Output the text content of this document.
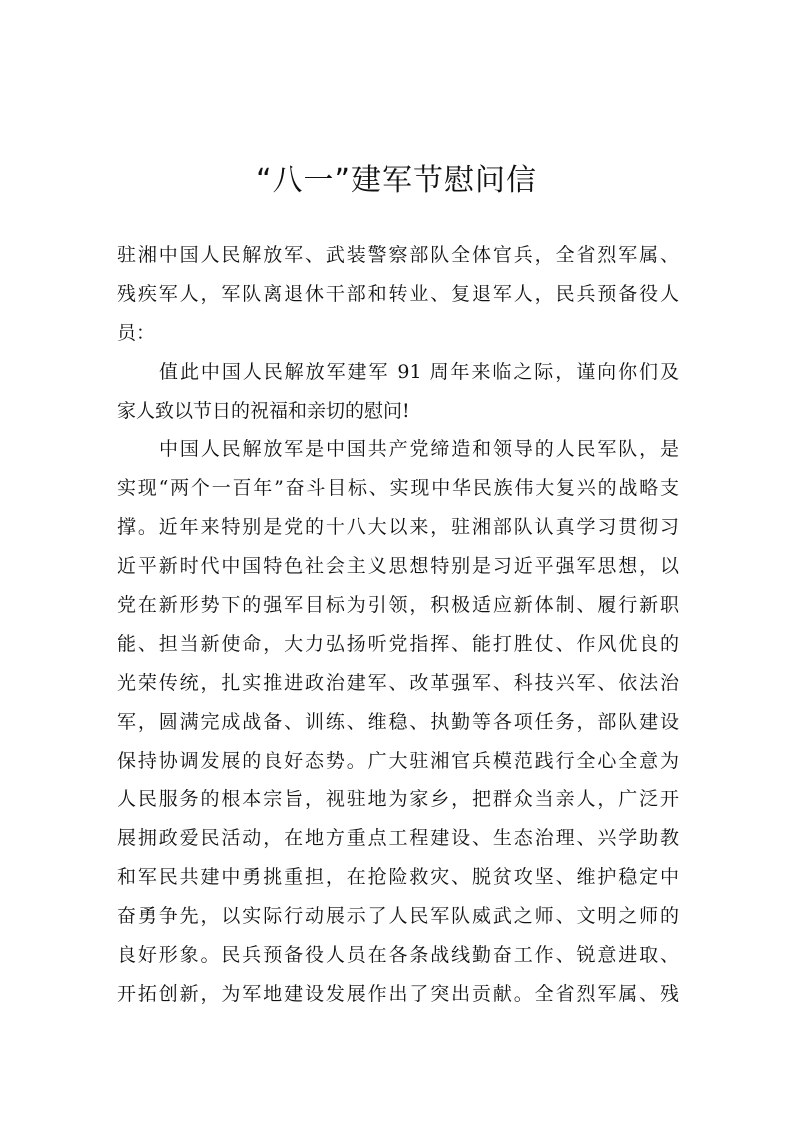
“八一”建军节慰问信
驻湘中国人民解放军、武装警察部队全体官兵，全省烈军属、
残疾军人，军队离退休干部和转业、复退军人，民兵预备役人
员：
值此中国人民解放军建军 91 周年来临之际，谨向你们及
家人致以节日的祝福和亲切的慰问!
中国人民解放军是中国共产党缔造和领导的人民军队，是
实现“两个一百年”奋斗目标、实现中华民族伟大复兴的战略支
撑。近年来特别是党的十八大以来，驻湘部队认真学习贯彻习
近平新时代中国特色社会主义思想特别是习近平强军思想，以
党在新形势下的强军目标为引领，积极适应新体制、履行新职
能、担当新使命，大力弘扬听党指挥、能打胜仗、作风优良的
光荣传统，扎实推进政治建军、改革强军、科技兴军、依法治
军，圆满完成战备、训练、维稳、执勤等各项任务，部队建设
保持协调发展的良好态势。广大驻湘官兵模范践行全心全意为
人民服务的根本宗旨，视驻地为家乡，把群众当亲人，广泛开
展拥政爱民活动，在地方重点工程建设、生态治理、兴学助教
和军民共建中勇挑重担，在抢险救灾、脱贫攻坚、维护稳定中
奋勇争先，以实际行动展示了人民军队威武之师、文明之师的
良好形象。民兵预备役人员在各条战线勤奋工作、锐意进取、
开拓创新，为军地建设发展作出了突出贡献。全省烈军属、残
